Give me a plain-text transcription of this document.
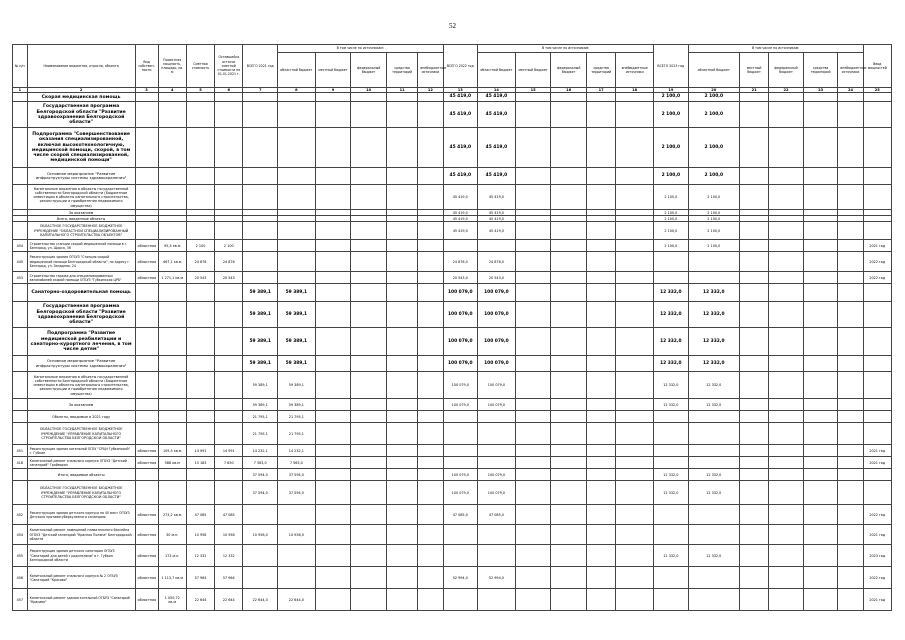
52
№ п/п	Наименование ведомства, отрасли, объекта	Вид собствен-ности	Проектная мощность, площадь, кв. м	Сметная стоимость	Оставшийся остаток сметной стоимости на 01.01.2021 г.	ВСЕГО 2021 год	В том числе по источникам:					ВСЕГО 2022 год	В том числе по источникам:					ВСЕГО 2023 год	В том числе по источникам:					Ввод мощностей
							областной бюджет	местный бюджет	федеральный бюджет	средства территорий	внебюджетные источники		областной бюджет	местный бюджет	федеральный бюджет	средства территорий	внебюджетные источники		областной бюджет	местный бюджет	федеральный бюджет	средства территорий	внебюджетные источники	
1	2	3	4	5	6	7	8	9	10	11	12	13	14	15	16	17	18	19	20	21	22	23	24	25
	Скорая медицинская помощь											45 419,0	45 419,0					2 100,0	2 100,0					
	Государственная программа Белгородской области "Развитие здравоохранения Белгородской области"											45 419,0	45 419,0					2 100,0	2 100,0					
	Подпрограмма "Совершенствование оказания специализированной, включая высокотехнологичную, медицинской помощи, скорой, в том числе скорой специализированной, медицинской помощи"											45 419,0	45 419,0					2 100,0	2 100,0					
	Основное мероприятие "Развитие инфраструктуры системы здравоохранения"											45 419,0	45 419,0					2 100,0	2 100,0					
	Капитальные вложения в объекты государственной собственности Белгородской области (Бюджетные инвестиции в объекты капитального строительства, реконструкции и приобретения недвижимого имущества)											45 419,0	45 419,0					2 100,0	2 100,0					
	За оказанием											45 419,0	45 419,0					2 100,0	2 100,0					
	Всего, введенные объекты											45 419,0	45 419,0					2 100,0	2 100,0					
	ОБЛАСТНОЕ ГОСУДАРСТВЕННОЕ БЮДЖЕТНОЕ УЧРЕЖДЕНИЕ "ОБЛАСТНОЙ СПЕЦИАЛИЗИРОВАННЫЙ КАПИТАЛЬНОГО СТРОИТЕЛЬСТВА ОБЪЕКТОВ"											45 419,0	45 419,0					2 100,0	2 100,0					
454	Строительство станции скорой медицинской помощи в г. Белгород, ул. Щорса, 36	областная	95,4 кв.м	2 100	2 100													2 100,0	2 100,0					2021 год
445	Реконструкция здания ОГБУЗ "Станция скорой медицинской помощи Белгородской области", по адресу г. Белгород, ул. Западная, 24	областная	467,1 кв.м	24 876	24 876							24 876,0	24 876,0											2022 год
453	Строительство гаража для специализированных автомобилей скорой помощи ОГБУЗ "Губкинская ЦРБ"	областная	1 271,1 кв.м	20 543	20 543							20 543,0	20 543,0											2022 год
	Санаторно-оздоровительная помощь					59 389,1	59 389,1					100 079,0	100 079,0					12 332,0	12 332,0					
	Государственная программа Белгородской области "Развитие здравоохранения Белгородской области"					59 389,1	59 389,1					100 079,0	100 079,0					12 332,0	12 332,0					
	Подпрограмма "Развитие медицинской реабилитации и санаторно-курортного лечения, в том числе детям"					59 389,1	59 389,1					100 079,0	100 079,0					12 332,0	12 332,0					
	Основное мероприятие "Развитие инфраструктуры системы здравоохранения"					59 389,1	59 389,1					100 079,0	100 079,0					12 332,0	12 332,0					
	Капитальные вложения в объекты государственной собственности Белгородской области (Бюджетные инвестиции в объекты капитального строительства, реконструкции и приобретения недвижимого имущества)					59 389,1	59 389,1					100 079,0	100 079,0					12 332,0	12 332,0					
	За оказанием					59 389,1	59 389,1					100 079,0	100 079,0					12 332,0	12 332,0					
	Объекты, вводимые в 2021 году					21 795,1	21 795,1																	
	ОБЛАСТНОЕ ГОСУДАРСТВЕННОЕ БЮДЖЕТНОЕ УЧРЕЖДЕНИЕ "УПРАВЛЕНИЕ КАПИТАЛЬНОГО СТРОИТЕЛЬСТВА БЕЛГОРОДСКОЙ ОБЛАСТИ"					21 795,1	21 795,1																	
451	Реконструкция здания котельной ОГБУ "СРЦН Губкинский" г. Губкин	областная	109,5 кв.м	14 991	14 991	14 232,1	14 232,1																	2021 год
418	Капитальный ремонт спального корпуса ОГБУЗ "Детский санаторий" Грайворон	областная	588 кв.м	15 183	7 650	7 563,0	7 563,0																	2021 год
	Итого, вводимые объекты					37 594,0	37 594,0					100 079,0	100 079,0					12 332,0	12 332,0					
	ОБЛАСТНОЕ ГОСУДАРСТВЕННОЕ БЮДЖЕТНОЕ УЧРЕЖДЕНИЕ "УПРАВЛЕНИЕ КАПИТАЛЬНОГО СТРОИТЕЛЬСТВА БЕЛГОРОДСКОЙ ОБЛАСТИ"					37 594,0	37 594,0					100 079,0	100 079,0					12 332,0	12 332,0					
452	Реконструкция здания детского корпуса на 40 мест ОГБУЗ Детского противотуберкулезного санатория	областная	273,2 кв.м	47 085	47 085							47 085,0	47 085,0											2022 год
454	Капитальный ремонт помещений плавательного бассейна ОГБУЗ "Детский санаторий "Красная Поляна" Белгородской области	областная	30 м.п.	10 958	10 958	10 958,0	10 958,0																	2021 год
455	Реконструкция здания детского санатория ОГБУЗ "Санаторий для детей с родителями" в г. Губкин Белгородской области	областная	173 м.п.	12 332	12 332													12 332,0	12 332,0					2023 год
456	Капитальный ремонт спального корпуса № 2 ОГБУЗ "Санаторий "Красиво"	областная	1 113,7 кв.м	57 964	57 964							52 994,0	52 994,0											2022 год
457	Капитальный ремонт здания котельной ОГБУЗ "Санаторий "Красиво"	областная	1 050,72 кв.м	22 644	22 644	22 644,0	22 644,0																	2021 год
